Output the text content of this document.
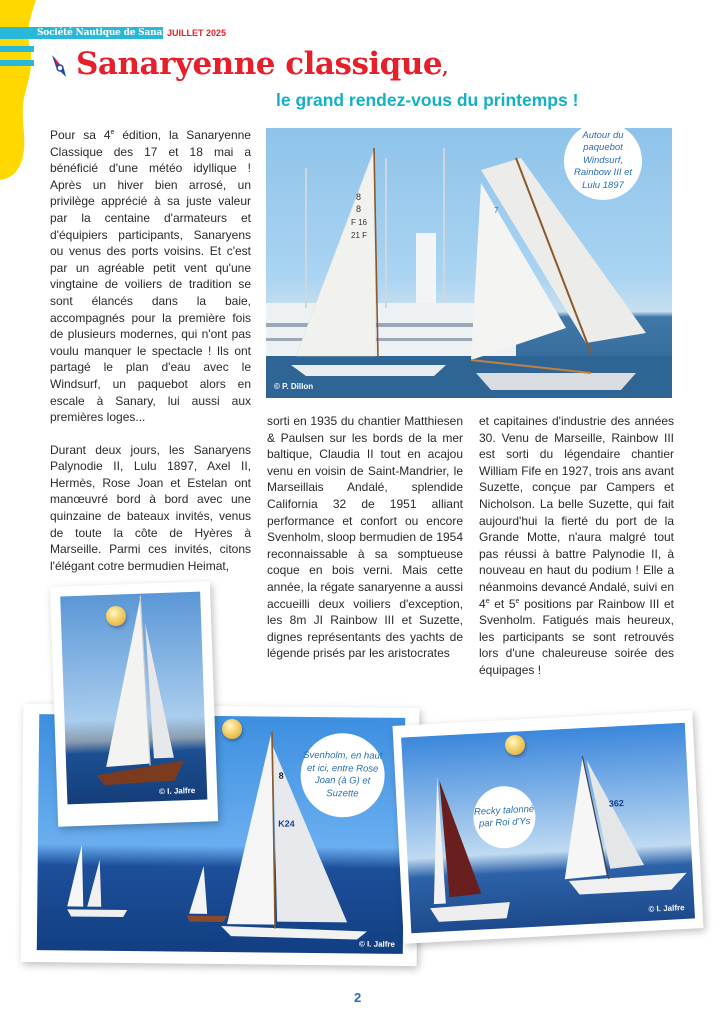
Société Nautique de Sanary
JUILLET 2025
Sanaryenne classique,
le grand rendez-vous du printemps !

Pour sa 4e édition, la Sanaryenne Classique des 17 et 18 mai a bénéficié d'une météo idyllique ! Après un hiver bien arrosé, un privilège apprécié à sa juste valeur par la centaine d'armateurs et d'équipiers participants, Sanaryens ou venus des ports voisins. Et c'est par un agréable petit vent qu'une vingtaine de voiliers de tradition se sont élancés dans la baie, accompagnés pour la première fois de plusieurs modernes, qui n'ont pas voulu manquer le spectacle ! Ils ont partagé le plan d'eau avec le Windsurf, un paquebot alors en escale à Sanary, lui aussi aux premières loges...

Durant deux jours, les Sanaryens Palynodie II, Lulu 1897, Axel II, Hermès, Rose Joan et Estelan ont manœuvré bord à bord avec une quinzaine de bateaux invités, venus de toute la côte de Hyères à Marseille. Parmi ces invités, citons l'élégant cotre bermudien Heimat,

sorti en 1935 du chantier Matthiesen & Paulsen sur les bords de la mer baltique, Claudia II tout en acajou venu en voisin de Saint-Mandrier, le Marseillais Andalé, splendide California 32 de 1951 alliant performance et confort ou encore Svenholm, sloop bermudien de 1954 reconnaissable à sa somptueuse coque en bois verni. Mais cette année, la régate sanaryenne a aussi accueilli deux voiliers d'exception, les 8m JI Rainbow III et Suzette, dignes représentants des yachts de légende prisés par les aristocrates

et capitaines d'industrie des années 30. Venu de Marseille, Rainbow III est sorti du légendaire chantier William Fife en 1927, trois ans avant Suzette, conçue par Campers et Nicholson. La belle Suzette, qui fait aujourd'hui la fierté du port de la Grande Motte, n'aura malgré tout pas réussi à battre Palynodie II, à nouveau en haut du podium ! Elle a néanmoins devancé Andalé, suivi en 4e et 5e positions par Rainbow III et Svenholm. Fatigués mais heureux, les participants se sont retrouvés lors d'une chaleureuse soirée des équipages !

8
8
F 16
21 F
7
Autour du paquebot Windsurf, Rainbow III et Lulu 1897
© P. Dillon
8
K24
Svenholm, en haut et ici, entre Rose Joan (à G) et Suzette
© I. Jalfre
© I. Jalfre
362
Recky talonné par Roi d'Ys
© I. Jalfre
2
